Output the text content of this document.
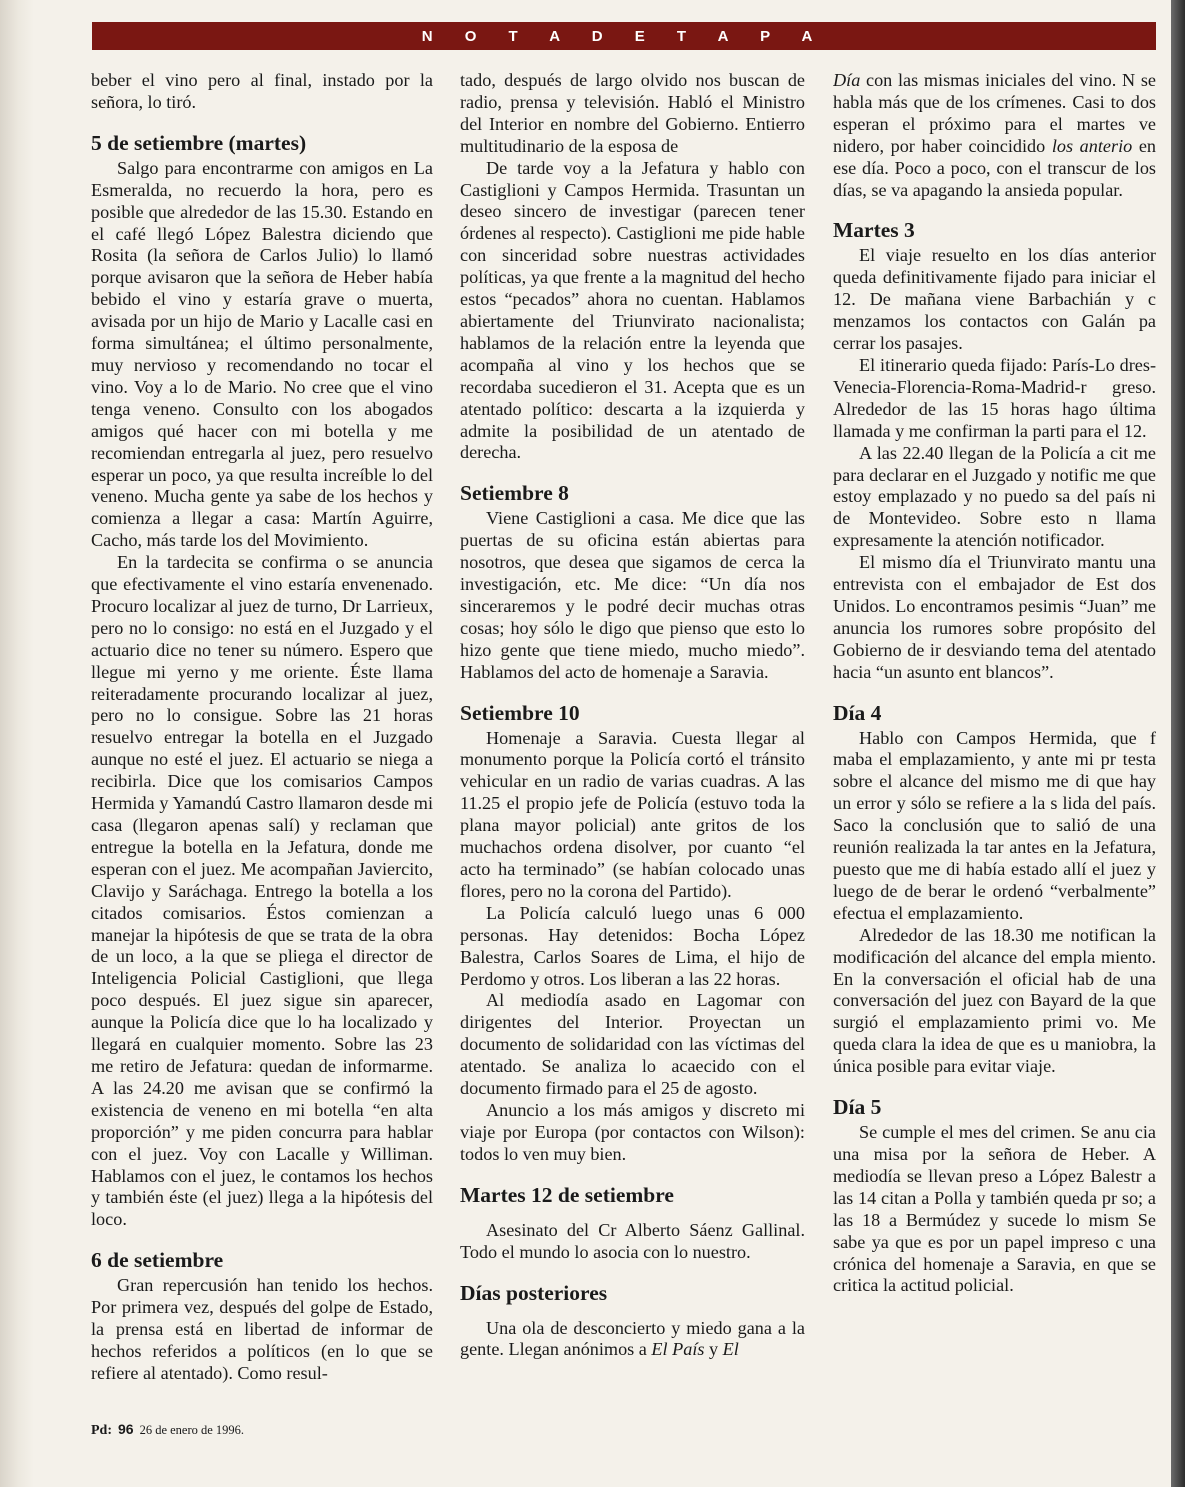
N O T A D E T A P A

beber el vino pero al final, instado por la señora, lo tiró.

5 de setiembre (martes)

Salgo para encontrarme con amigos en La Esmeralda, no recuerdo la hora, pero es posible que alrededor de las 15.30. Estando en el café llegó López Balestra diciendo que Rosita (la señora de Carlos Julio) lo llamó porque avisaron que la señora de Heber había bebido el vino y estaría grave o muerta, avisada por un hijo de Mario y Lacalle casi en forma simultánea; el último personalmente, muy nervioso y recomendando no tocar el vino. Voy a lo de Mario. No cree que el vino tenga veneno. Consulto con los abogados amigos qué hacer con mi botella y me recomiendan entregarla al juez, pero resuelvo esperar un poco, ya que resulta increíble lo del veneno. Mucha gente ya sabe de los hechos y comienza a llegar a casa: Martín Aguirre, Cacho, más tarde los del Movimiento.

En la tardecita se confirma o se anuncia que efectivamente el vino estaría envenenado. Procuro localizar al juez de turno, Dr Larrieux, pero no lo consigo: no está en el Juzgado y el actuario dice no tener su número. Espero que llegue mi yerno y me oriente. Éste llama reiteradamente procurando localizar al juez, pero no lo consigue. Sobre las 21 horas resuelvo entregar la botella en el Juzgado aunque no esté el juez. El actuario se niega a recibirla. Dice que los comisarios Campos Hermida y Yamandú Castro llamaron desde mi casa (llegaron apenas salí) y reclaman que entregue la botella en la Jefatura, donde me esperan con el juez. Me acompañan Javiercito, Clavijo y Saráchaga. Entrego la botella a los citados comisarios. Éstos comienzan a manejar la hipótesis de que se trata de la obra de un loco, a la que se pliega el director de Inteligencia Policial Castiglioni, que llega poco después. El juez sigue sin aparecer, aunque la Policía dice que lo ha localizado y llegará en cualquier momento. Sobre las 23 me retiro de Jefatura: quedan de informarme. A las 24.20 me avisan que se confirmó la existencia de veneno en mi botella “en alta proporción” y me piden concurra para hablar con el juez. Voy con Lacalle y Williman. Hablamos con el juez, le contamos los hechos y también éste (el juez) llega a la hipótesis del loco.

6 de setiembre

Gran repercusión han tenido los hechos. Por primera vez, después del golpe de Estado, la prensa está en libertad de informar de hechos referidos a políticos (en lo que se refiere al atentado). Como resul-

tado, después de largo olvido nos buscan de radio, prensa y televisión. Habló el Ministro del Interior en nombre del Gobierno. Entierro multitudinario de la esposa de

De tarde voy a la Jefatura y hablo con Castiglioni y Campos Hermida. Trasuntan un deseo sincero de investigar (parecen tener órdenes al respecto). Castiglioni me pide hable con sinceridad sobre nuestras actividades políticas, ya que frente a la magnitud del hecho estos “pecados” ahora no cuentan. Hablamos abiertamente del Triunvirato nacionalista; hablamos de la relación entre la leyenda que acompaña al vino y los hechos que se recordaba sucedieron el 31. Acepta que es un atentado político: descarta a la izquierda y admite la posibilidad de un atentado de derecha.

Setiembre 8

Viene Castiglioni a casa. Me dice que las puertas de su oficina están abiertas para nosotros, que desea que sigamos de cerca la investigación, etc. Me dice: “Un día nos sinceraremos y le podré decir muchas otras cosas; hoy sólo le digo que pienso que esto lo hizo gente que tiene miedo, mucho miedo”. Hablamos del acto de homenaje a Saravia.

Setiembre 10

Homenaje a Saravia. Cuesta llegar al monumento porque la Policía cortó el tránsito vehicular en un radio de varias cuadras. A las 11.25 el propio jefe de Policía (estuvo toda la plana mayor policial) ante gritos de los muchachos ordena disolver, por cuanto “el acto ha terminado” (se habían colocado unas flores, pero no la corona del Partido).

La Policía calculó luego unas 6 000 personas. Hay detenidos: Bocha López Balestra, Carlos Soares de Lima, el hijo de Perdomo y otros. Los liberan a las 22 horas.

Al mediodía asado en Lagomar con dirigentes del Interior. Proyectan un documento de solidaridad con las víctimas del atentado. Se analiza lo acaecido con el documento firmado para el 25 de agosto.

Anuncio a los más amigos y discreto mi viaje por Europa (por contactos con Wilson): todos lo ven muy bien.

Martes 12 de setiembre

Asesinato del Cr Alberto Sáenz Gallinal. Todo el mundo lo asocia con lo nuestro.

Días posteriores

Una ola de desconcierto y miedo gana a la gente. Llegan anónimos a El País y El

Día con las mismas iniciales del vino. N se habla más que de los crímenes. Casi to dos esperan el próximo para el martes ve nidero, por haber coincidido los anterio en ese día. Poco a poco, con el transcur de los días, se va apagando la ansieda popular.

Martes 3

El viaje resuelto en los días anterior queda definitivamente fijado para iniciar el 12. De mañana viene Barbachián y c menzamos los contactos con Galán pa cerrar los pasajes.

El itinerario queda fijado: París-Lo dres-Venecia-Florencia-Roma-Madrid-r greso. Alrededor de las 15 horas hago última llamada y me confirman la parti para el 12.

A las 22.40 llegan de la Policía a cit me para declarar en el Juzgado y notific me que estoy emplazado y no puedo sa del país ni de Montevideo. Sobre esto n llama expresamente la atención notificador.

El mismo día el Triunvirato mantu una entrevista con el embajador de Est dos Unidos. Lo encontramos pesimis “Juan” me anuncia los rumores sobre propósito del Gobierno de ir desviando tema del atentado hacia “un asunto ent blancos”.

Día 4

Hablo con Campos Hermida, que f maba el emplazamiento, y ante mi pr testa sobre el alcance del mismo me di que hay un error y sólo se refiere a la s lida del país. Saco la conclusión que to salió de una reunión realizada la tar antes en la Jefatura, puesto que me di había estado allí el juez y luego de de berar le ordenó “verbalmente” efectua el emplazamiento.

Alrededor de las 18.30 me notifican la modificación del alcance del empla miento. En la conversación el oficial hab de una conversación del juez con Bayard de la que surgió el emplazamiento primi vo. Me queda clara la idea de que es u maniobra, la única posible para evitar viaje.

Día 5

Se cumple el mes del crimen. Se anu cia una misa por la señora de Heber. A mediodía se llevan preso a López Balestr a las 14 citan a Polla y también queda pr so; a las 18 a Bermúdez y sucede lo mism Se sabe ya que es por un papel impreso c una crónica del homenaje a Saravia, en que se critica la actitud policial.

Pd: 96 26 de enero de 1996.
